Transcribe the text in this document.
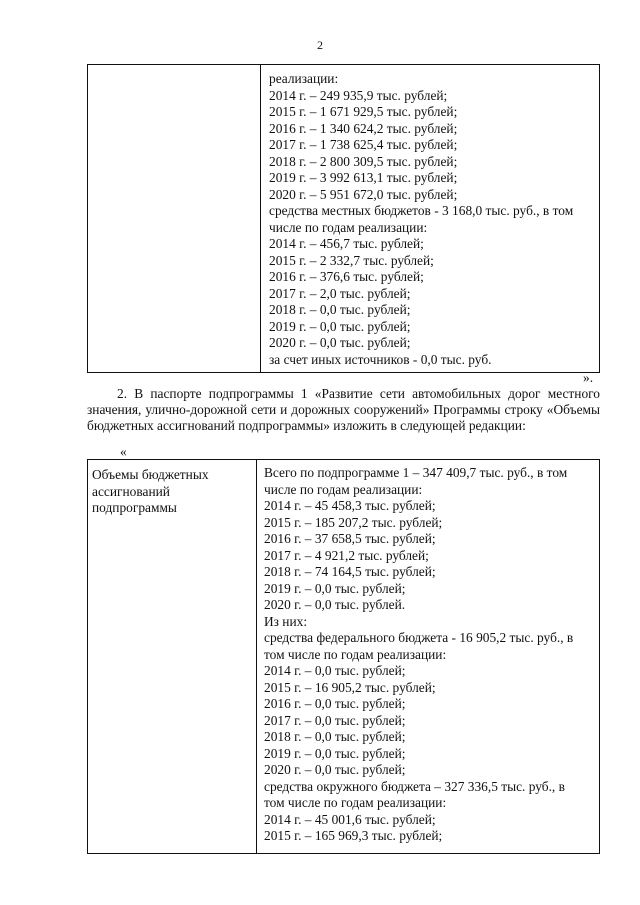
2

реализации:
2014 г. – 249 935,9 тыс. рублей;
2015 г. – 1 671 929,5 тыс. рублей;
2016 г. – 1 340 624,2 тыс. рублей;
2017 г. – 1 738 625,4 тыс. рублей;
2018 г. – 2 800 309,5 тыс. рублей;
2019 г. – 3 992 613,1 тыс. рублей;
2020 г. – 5 951 672,0 тыс. рублей;
средства местных бюджетов - 3 168,0 тыс. руб., в том
числе по годам реализации:
2014 г. – 456,7 тыс. рублей;
2015 г. – 2 332,7 тыс. рублей;
2016 г. – 376,6 тыс. рублей;
2017 г. – 2,0 тыс. рублей;
2018 г. – 0,0 тыс. рублей;
2019 г. – 0,0 тыс. рублей;
2020 г. – 0,0 тыс. рублей;
за счет иных источников - 0,0 тыс. руб.
».
2. В паспорте подпрограммы 1 «Развитие сети автомобильных дорог местного значения, улично-дорожной сети и дорожных сооружений» Программы строку «Объемы бюджетных ассигнований подпрограммы» изложить в следующей редакции:
«
Объемы бюджетных ассигнований подпрограммы

Всего по подпрограмме 1 – 347 409,7 тыс. руб., в том
числе по годам реализации:
2014 г. – 45 458,3 тыс. рублей;
2015 г. – 185 207,2 тыс. рублей;
2016 г. – 37 658,5 тыс. рублей;
2017 г. – 4 921,2 тыс. рублей;
2018 г. – 74 164,5 тыс. рублей;
2019 г. – 0,0 тыс. рублей;
2020 г. – 0,0 тыс. рублей.
Из них:
средства федерального бюджета - 16 905,2 тыс. руб., в
том числе по годам реализации:
2014 г. – 0,0 тыс. рублей;
2015 г. – 16 905,2 тыс. рублей;
2016 г. – 0,0 тыс. рублей;
2017 г. – 0,0 тыс. рублей;
2018 г. – 0,0 тыс. рублей;
2019 г. – 0,0 тыс. рублей;
2020 г. – 0,0 тыс. рублей;
средства окружного бюджета – 327 336,5 тыс. руб., в
том числе по годам реализации:
2014 г. – 45 001,6 тыс. рублей;
2015 г. – 165 969,3 тыс. рублей;
